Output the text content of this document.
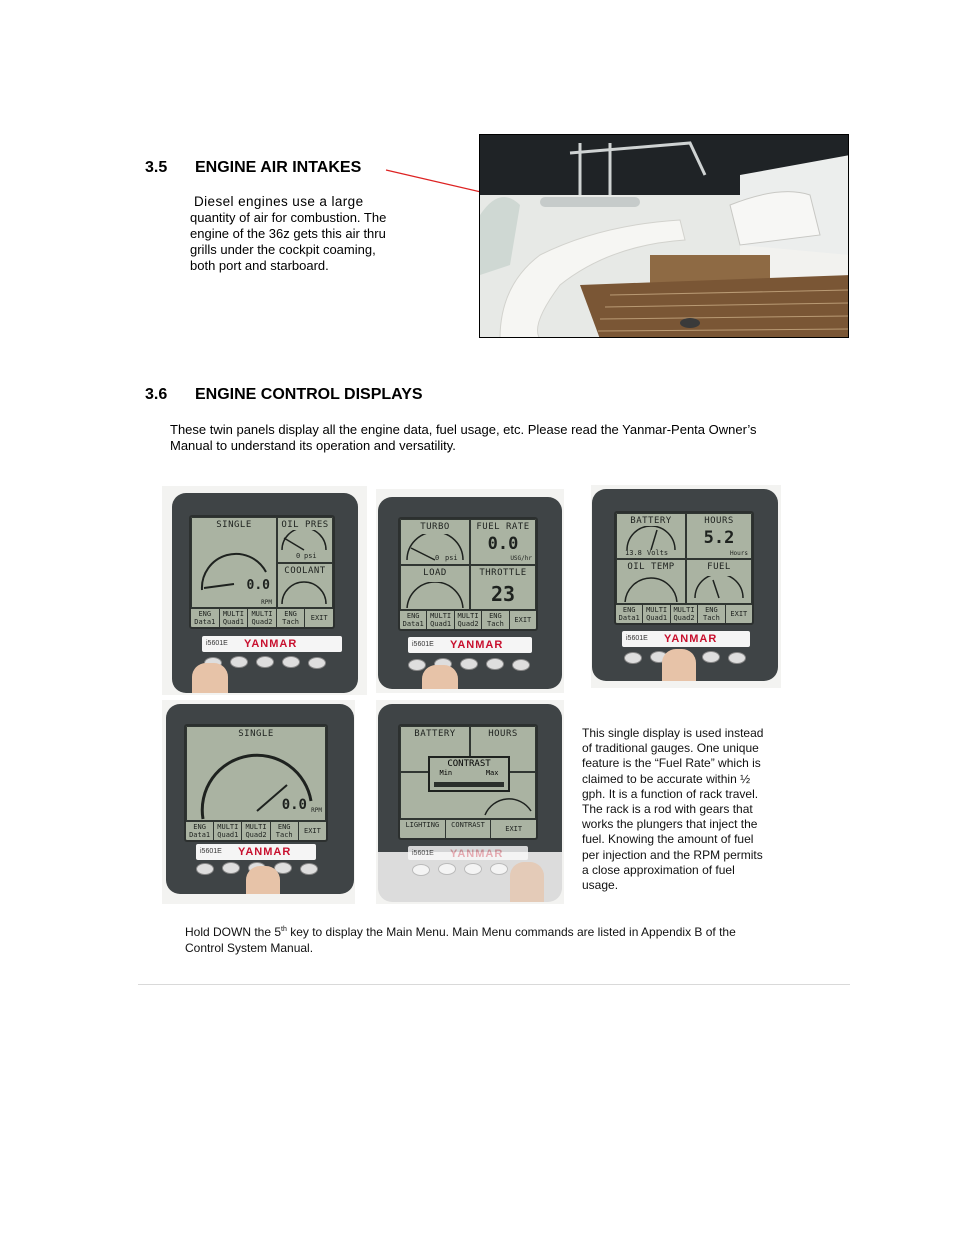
3.5 ENGINE AIR INTAKES
Diesel engines use a large
quantity of air for combustion. The
engine of the 36z gets this air thru
grills under the cockpit coaming,
both port and starboard.
3.6 ENGINE CONTROL DISPLAYS
These twin panels display all the engine data, fuel usage, etc. Please read the Yanmar-Penta Owner’s
Manual to understand its operation and versatility.
SINGLE
0.0
RPM
OIL PRES
0 psi
COOLANT
ENG Data1
MULTI Quad1
MULTI Quad2
ENG Tach	EXIT
i5601E YANMAR
TURBO
0 psi
FUEL RATE
0.0
USG/hr
LOAD	THROTTLE
23
ENG Data1
MULTI Quad1
MULTI Quad2
ENG Tach	EXIT
i5601E YANMAR
BATTERY
13.8 Volts
HOURS
5.2
Hours
OIL TEMP	FUEL
ENG Data1
MULTI Quad1
MULTI Quad2
ENG Tach	EXIT
i5601E YANMAR
SINGLE
0.0 RPM
ENG Data1
MULTI Quad1
MULTI Quad2
ENG Tach	EXIT
i5601E YANMAR
BATTERY	HOURS
CONTRAST
Min        Max
LIGHTING	CONTRAST	EXIT
i5601E YANMAR
This single display is used instead
of traditional gauges. One unique
feature is the “Fuel Rate” which is
claimed to be accurate within ½
gph. It is a function of rack travel.
The rack is a rod with gears that
works the plungers that inject the
fuel. Knowing the amount of fuel
per injection and the RPM permits
a close approximation of fuel
usage.
Hold DOWN the 5th key to display the Main Menu. Main Menu commands are listed in Appendix B of the
Control System Manual.
